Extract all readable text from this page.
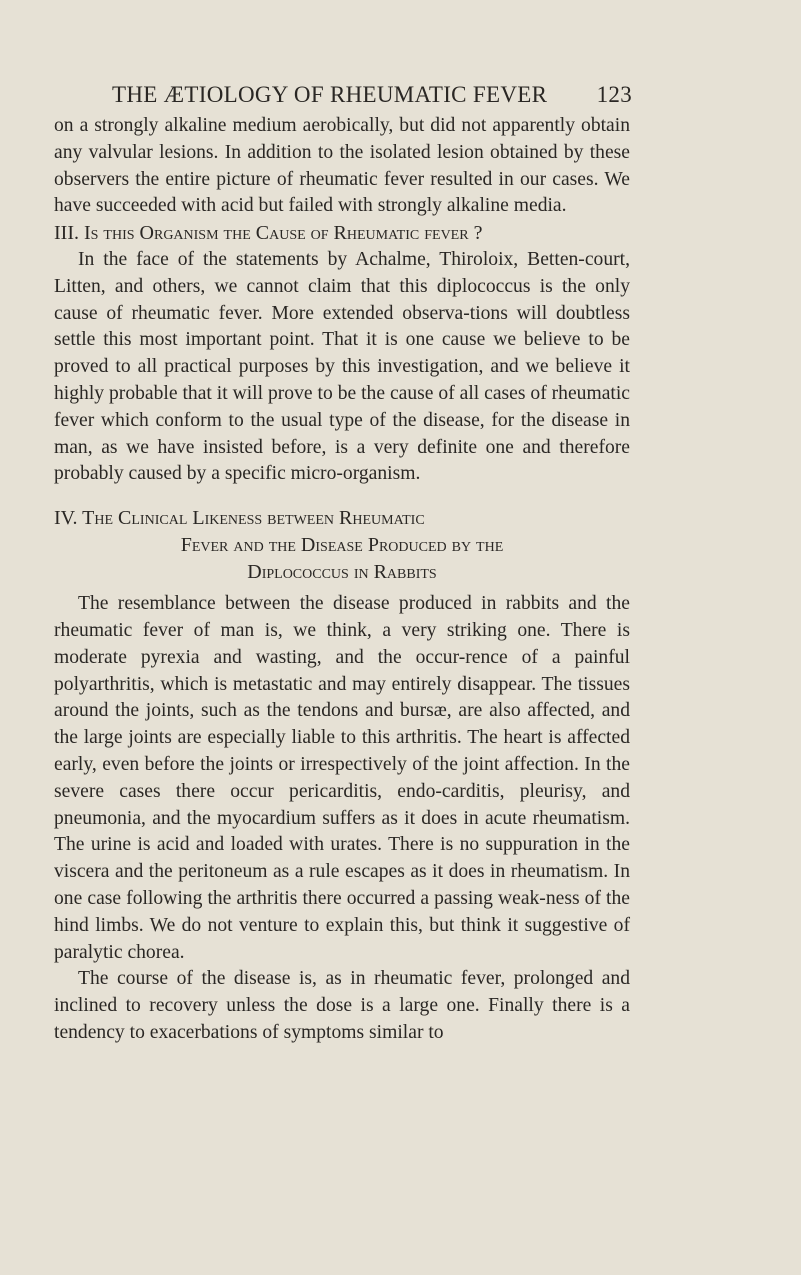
THE ÆTIOLOGY OF RHEUMATIC FEVER 123

on a strongly alkaline medium aerobically, but did not apparently obtain any valvular lesions. In addition to the isolated lesion obtained by these observers the entire picture of rheumatic fever resulted in our cases. We have succeeded with acid but failed with strongly alkaline media.

III. Is this Organism the Cause of Rheumatic fever ?

In the face of the statements by Achalme, Thiroloix, Betten-court, Litten, and others, we cannot claim that this diplococcus is the only cause of rheumatic fever. More extended observa-tions will doubtless settle this most important point. That it is one cause we believe to be proved to all practical purposes by this investigation, and we believe it highly probable that it will prove to be the cause of all cases of rheumatic fever which conform to the usual type of the disease, for the disease in man, as we have insisted before, is a very definite one and therefore probably caused by a specific micro-organism.

IV. The Clinical Likeness between Rheumatic
Fever and the Disease Produced by the
Diplococcus in Rabbits

The resemblance between the disease produced in rabbits and the rheumatic fever of man is, we think, a very striking one. There is moderate pyrexia and wasting, and the occur-rence of a painful polyarthritis, which is metastatic and may entirely disappear. The tissues around the joints, such as the tendons and bursæ, are also affected, and the large joints are especially liable to this arthritis. The heart is affected early, even before the joints or irrespectively of the joint affection. In the severe cases there occur pericarditis, endo-carditis, pleurisy, and pneumonia, and the myocardium suffers as it does in acute rheumatism. The urine is acid and loaded with urates. There is no suppuration in the viscera and the peritoneum as a rule escapes as it does in rheumatism. In one case following the arthritis there occurred a passing weak-ness of the hind limbs. We do not venture to explain this, but think it suggestive of paralytic chorea.

The course of the disease is, as in rheumatic fever, prolonged and inclined to recovery unless the dose is a large one. Finally there is a tendency to exacerbations of symptoms similar to
